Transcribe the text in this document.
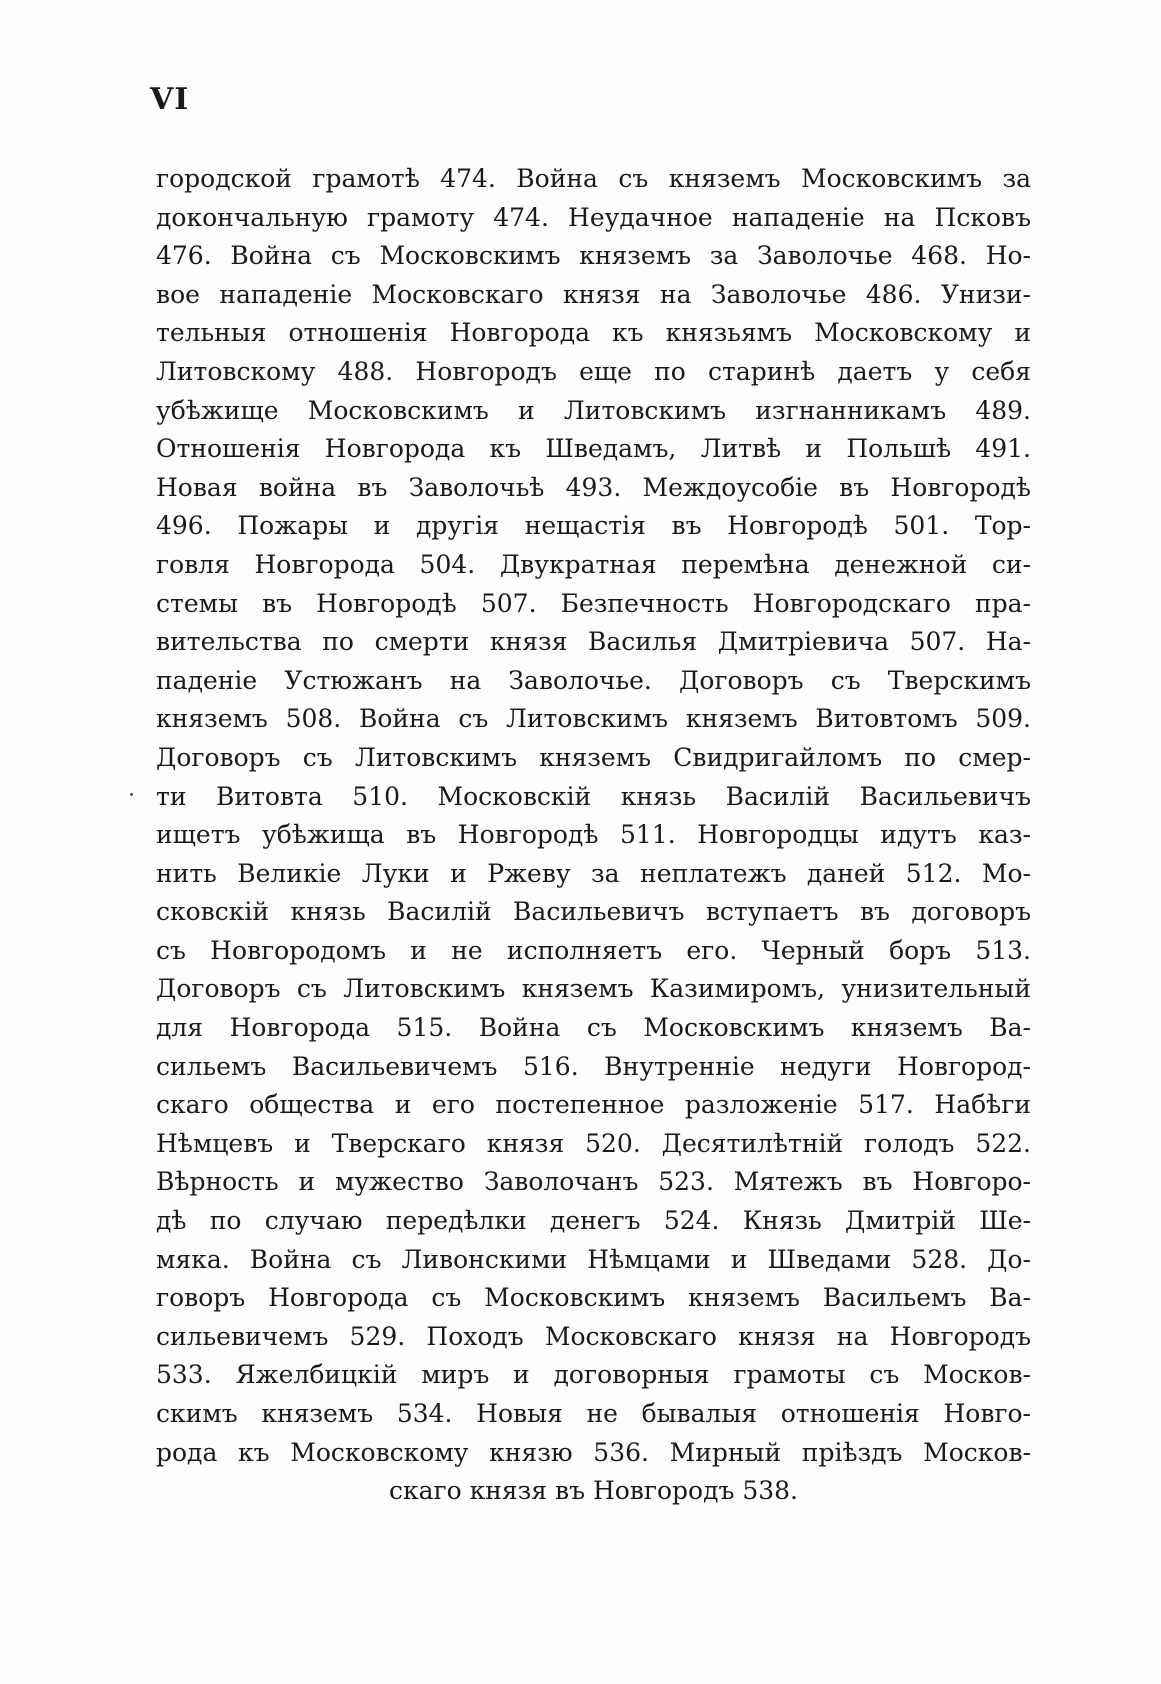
VI
городской грамотѣ 474. Война съ княземъ Московскимъ за
докончальную грамоту 474. Неудачное нападеніе на Псковъ
476. Война съ Московскимъ княземъ за Заволочье 468. Но-
вое нападеніе Московскаго князя на Заволочье 486. Унизи-
тельныя отношенія Новгорода къ князьямъ Московскому и
Литовскому 488. Новгородъ еще по старинѣ даетъ у себя
убѣжище Московскимъ и Литовскимъ изгнанникамъ 489.
Отношенія Новгорода къ Шведамъ, Литвѣ и Польшѣ 491.
Новая война въ Заволочьѣ 493. Междоусобіе въ Новгородѣ
496. Пожары и другія нещастія въ Новгородѣ 501. Тор-
говля Новгорода 504. Двукратная перемѣна денежной си-
стемы въ Новгородѣ 507. Безпечность Новгородскаго пра-
вительства по смерти князя Василья Дмитріевича 507. На-
паденіе Устюжанъ на Заволочье. Договоръ съ Тверскимъ
княземъ 508. Война съ Литовскимъ княземъ Витовтомъ 509.
Договоръ съ Литовскимъ княземъ Свидригайломъ по смер-
ти Витовта 510. Московскій князь Василій Васильевичъ
ищетъ убѣжища въ Новгородѣ 511. Новгородцы идутъ каз-
нить Великіе Луки и Ржеву за неплатежъ даней 512. Мо-
сковскій князь Василій Васильевичъ вступаетъ въ договоръ
съ Новгородомъ и не исполняетъ его. Черный боръ 513.
Договоръ съ Литовскимъ княземъ Казимиромъ, унизительный
для Новгорода 515. Война съ Московскимъ княземъ Ва-
сильемъ Васильевичемъ 516. Внутренніе недуги Новгород-
скаго общества и его постепенное разложеніе 517. Набѣги
Нѣмцевъ и Тверскаго князя 520. Десятилѣтній голодъ 522.
Вѣрность и мужество Заволочанъ 523. Мятежъ въ Новгоро-
дѣ по случаю передѣлки денегъ 524. Князь Дмитрій Ше-
мяка. Война съ Ливонскими Нѣмцами и Шведами 528. До-
говоръ Новгорода съ Московскимъ княземъ Васильемъ Ва-
сильевичемъ 529. Походъ Московскаго князя на Новгородъ
533. Яжелбицкій миръ и договорныя грамоты съ Москов-
скимъ княземъ 534. Новыя не бывалыя отношенія Новго-
рода къ Московскому князю 536. Мирный пріѣздъ Москов-
скаго князя въ Новгородъ 538.
